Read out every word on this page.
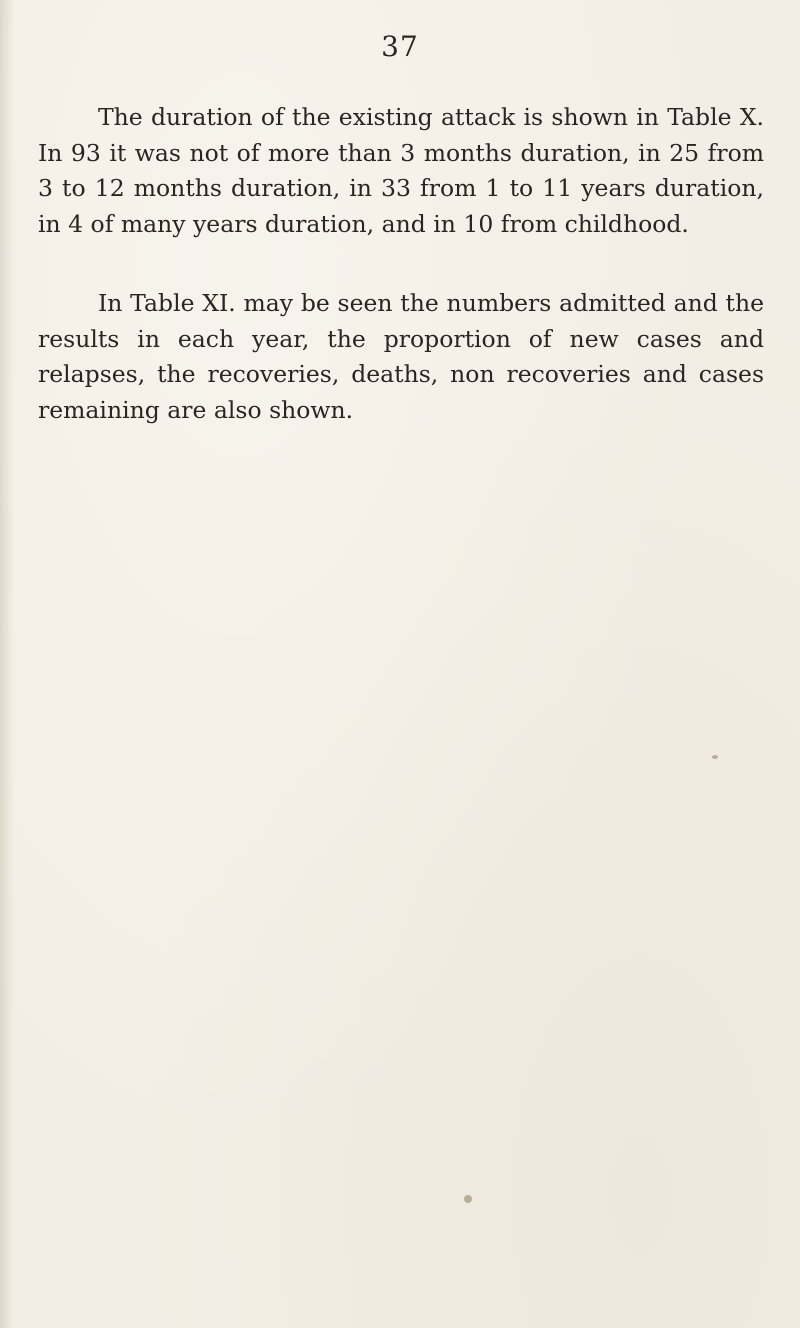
37

The duration of the existing attack is shown in Table X. In 93 it was not of more than 3 months duration, in 25 from 3 to 12 months duration, in 33 from 1 to 11 years duration, in 4 of many years duration, and in 10 from childhood.

In Table XI. may be seen the numbers admitted and the results in each year, the proportion of new cases and relapses, the recoveries, deaths, non recoveries and cases remaining are also shown.
